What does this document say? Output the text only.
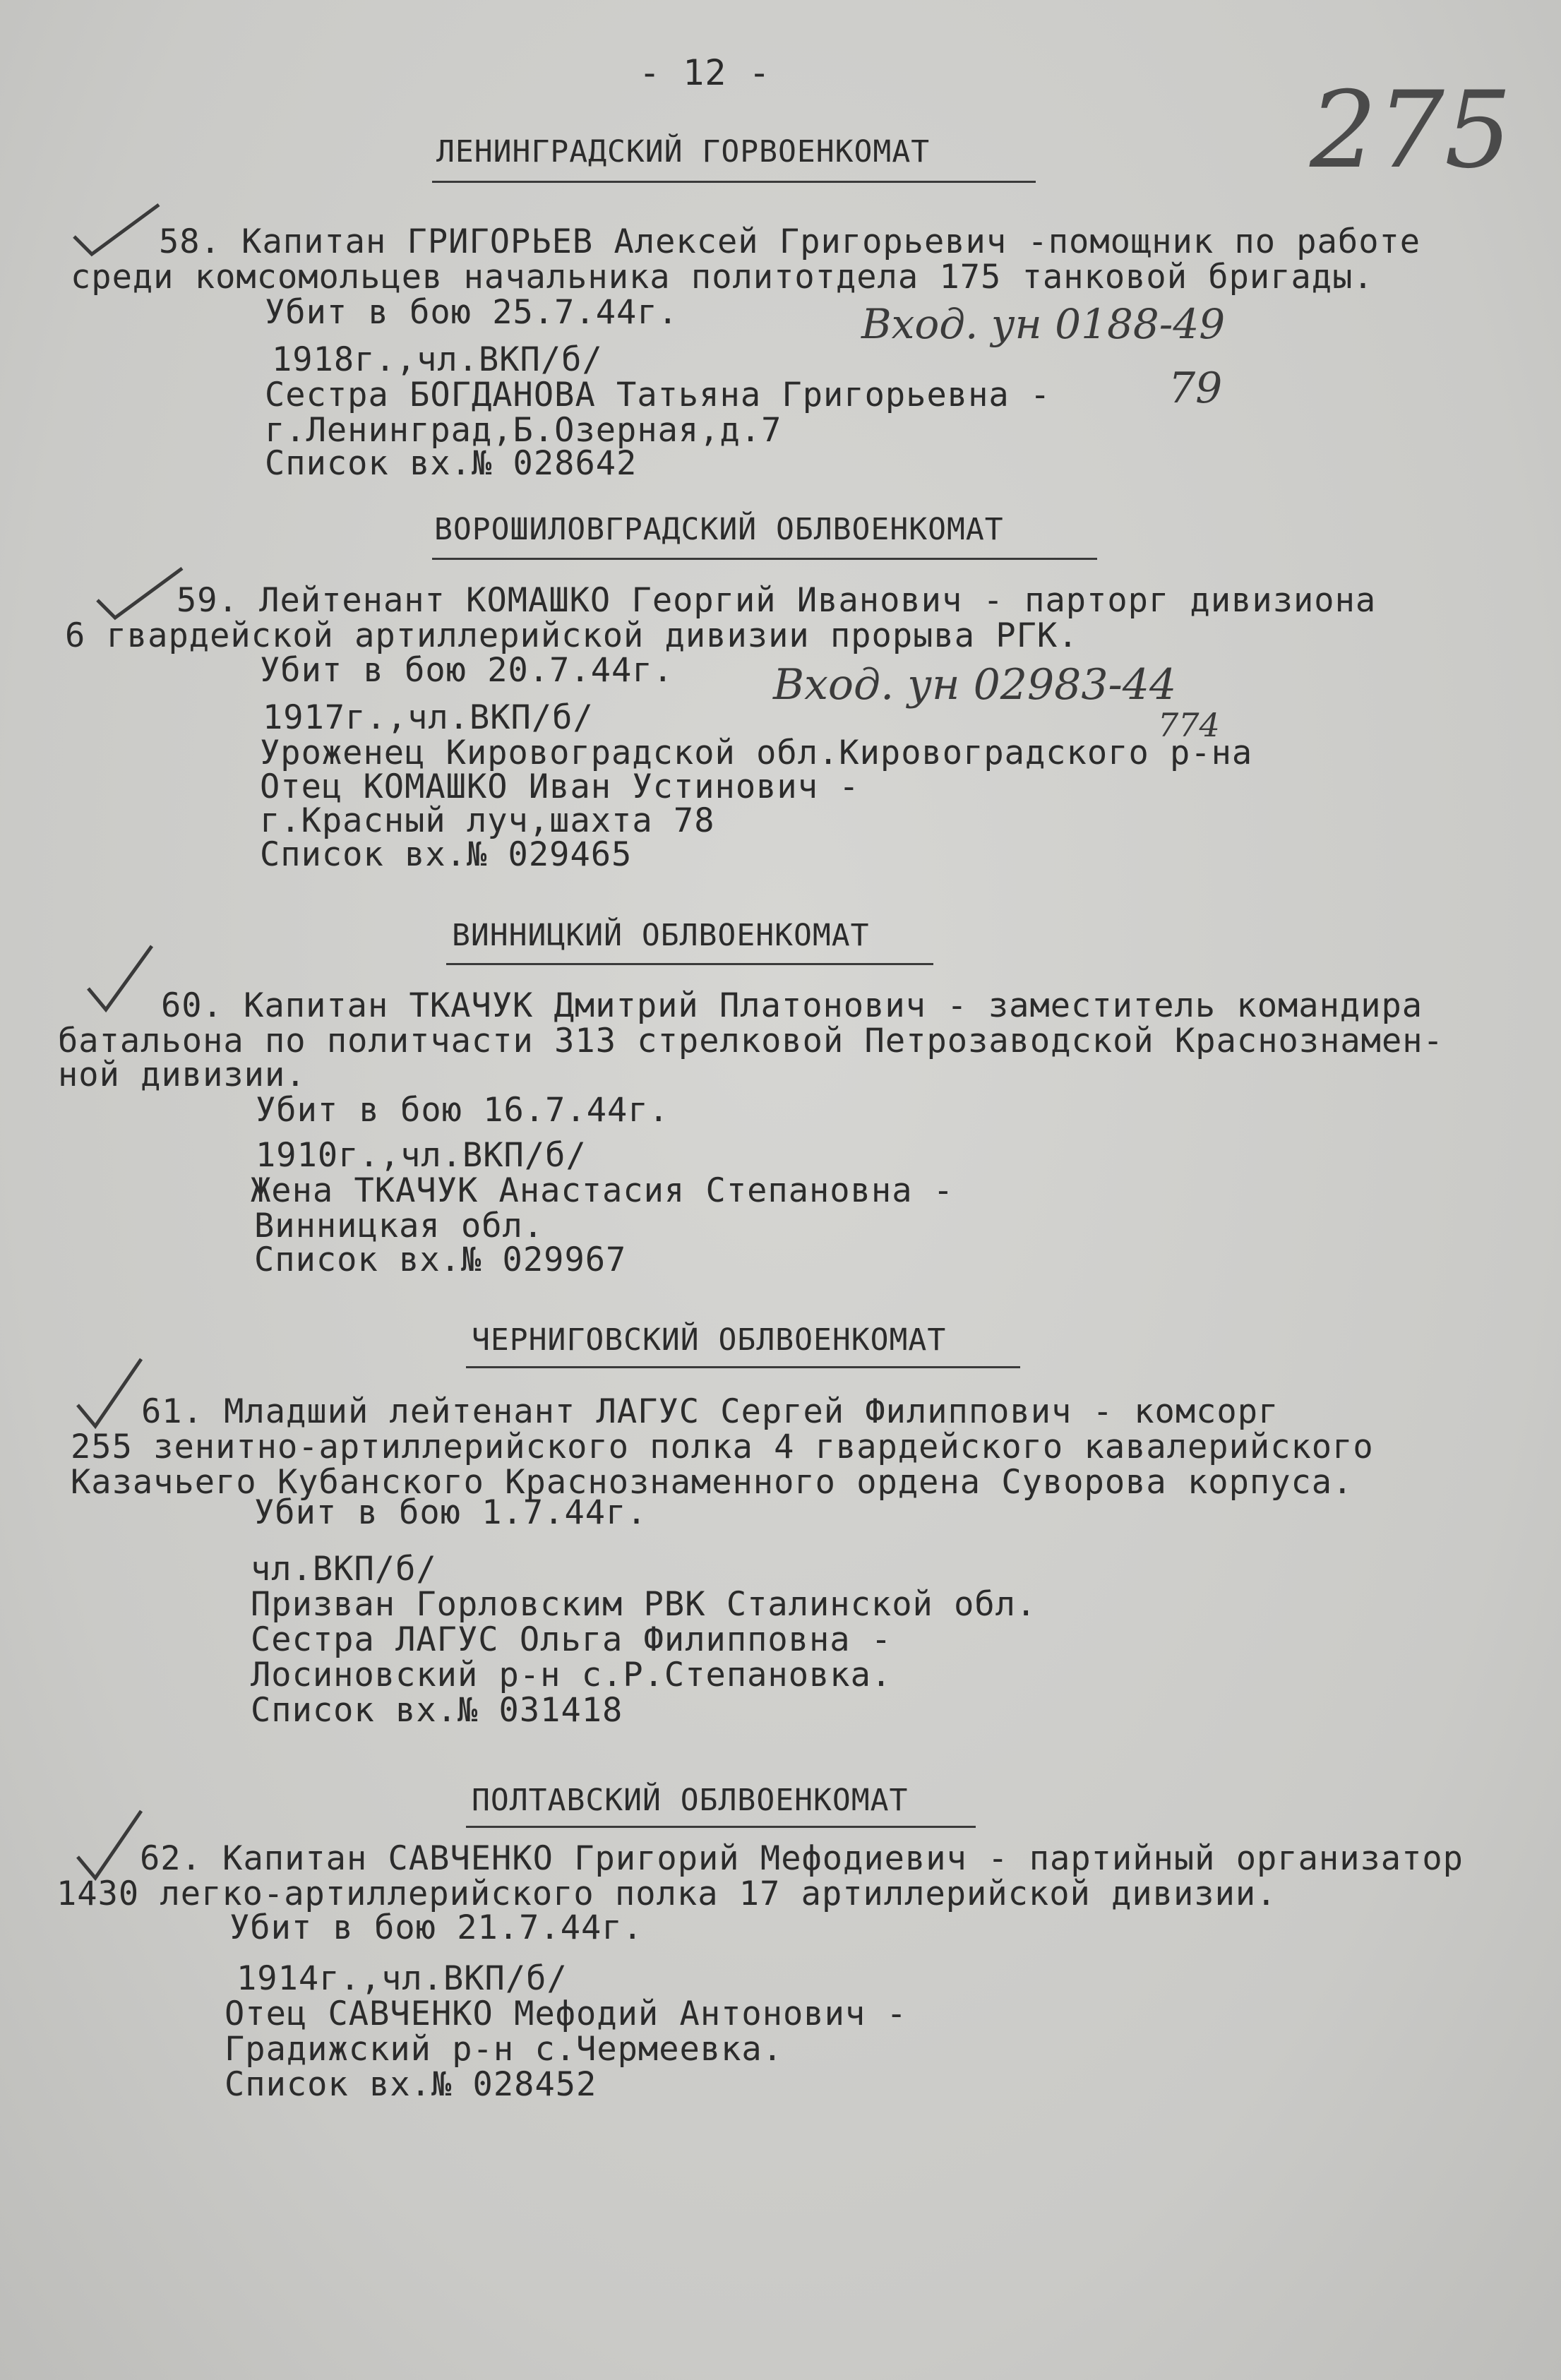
- 12 -	275
ЛЕНИНГРАДСКИЙ ГОРВОЕНКОМАТ
58. Капитан ГРИГОРЬЕВ Алексей Григорьевич -помощник по работе
среди комсомольцев начальника политотдела 175 танковой бригады.
Убит в бою 25.7.44г.	Вход. ун 0188-49
1918г.,чл.ВКП/б/
Сестра БОГДАНОВА Татьяна Григорьевна -	79
г.Ленинград,Б.Озерная,д.7
Список вх.№ 028642
ВОРОШИЛОВГРАДСКИЙ ОБЛВОЕНКОМАТ
59. Лейтенант КОМАШКО Георгий Иванович - парторг дивизиона
6 гвардейской артиллерийской дивизии прорыва РГК.
Убит в бою 20.7.44г. Вход. ун 02983-44
1917г.,чл.ВКП/б/	774
Уроженец Кировоградской обл.Кировоградского р-на
Отец КОМАШКО Иван Устинович -
г.Красный луч,шахта 78
Список вх.№ 029465
ВИННИЦКИЙ ОБЛВОЕНКОМАТ
60. Капитан ТКАЧУК Дмитрий Платонович - заместитель командира
батальона по политчасти 313 стрелковой Петрозаводской Краснознамен-
ной дивизии.
Убит в бою 16.7.44г.
1910г.,чл.ВКП/б/
Жена ТКАЧУК Анастасия Степановна -
Винницкая обл.
Список вх.№ 029967
ЧЕРНИГОВСКИЙ ОБЛВОЕНКОМАТ
61. Младший лейтенант ЛАГУС Сергей Филиппович - комсорг
255 зенитно-артиллерийского полка 4 гвардейского кавалерийского
Казачьего Кубанского Краснознаменного ордена Суворова корпуса.
Убит в бою 1.7.44г.
чл.ВКП/б/
Призван Горловским РВК Сталинской обл.
Сестра ЛАГУС Ольга Филипповна -
Лосиновский р-н с.Р.Степановка.
Список вх.№ 031418
ПОЛТАВСКИЙ ОБЛВОЕНКОМАТ
62. Капитан САВЧЕНКО Григорий Мефодиевич - партийный организатор
1430 легко-артиллерийского полка 17 артиллерийской дивизии.
Убит в бою 21.7.44г.
1914г.,чл.ВКП/б/
Отец САВЧЕНКО Мефодий Антонович -
Градижский р-н с.Чермеевка.
Список вх.№ 028452
